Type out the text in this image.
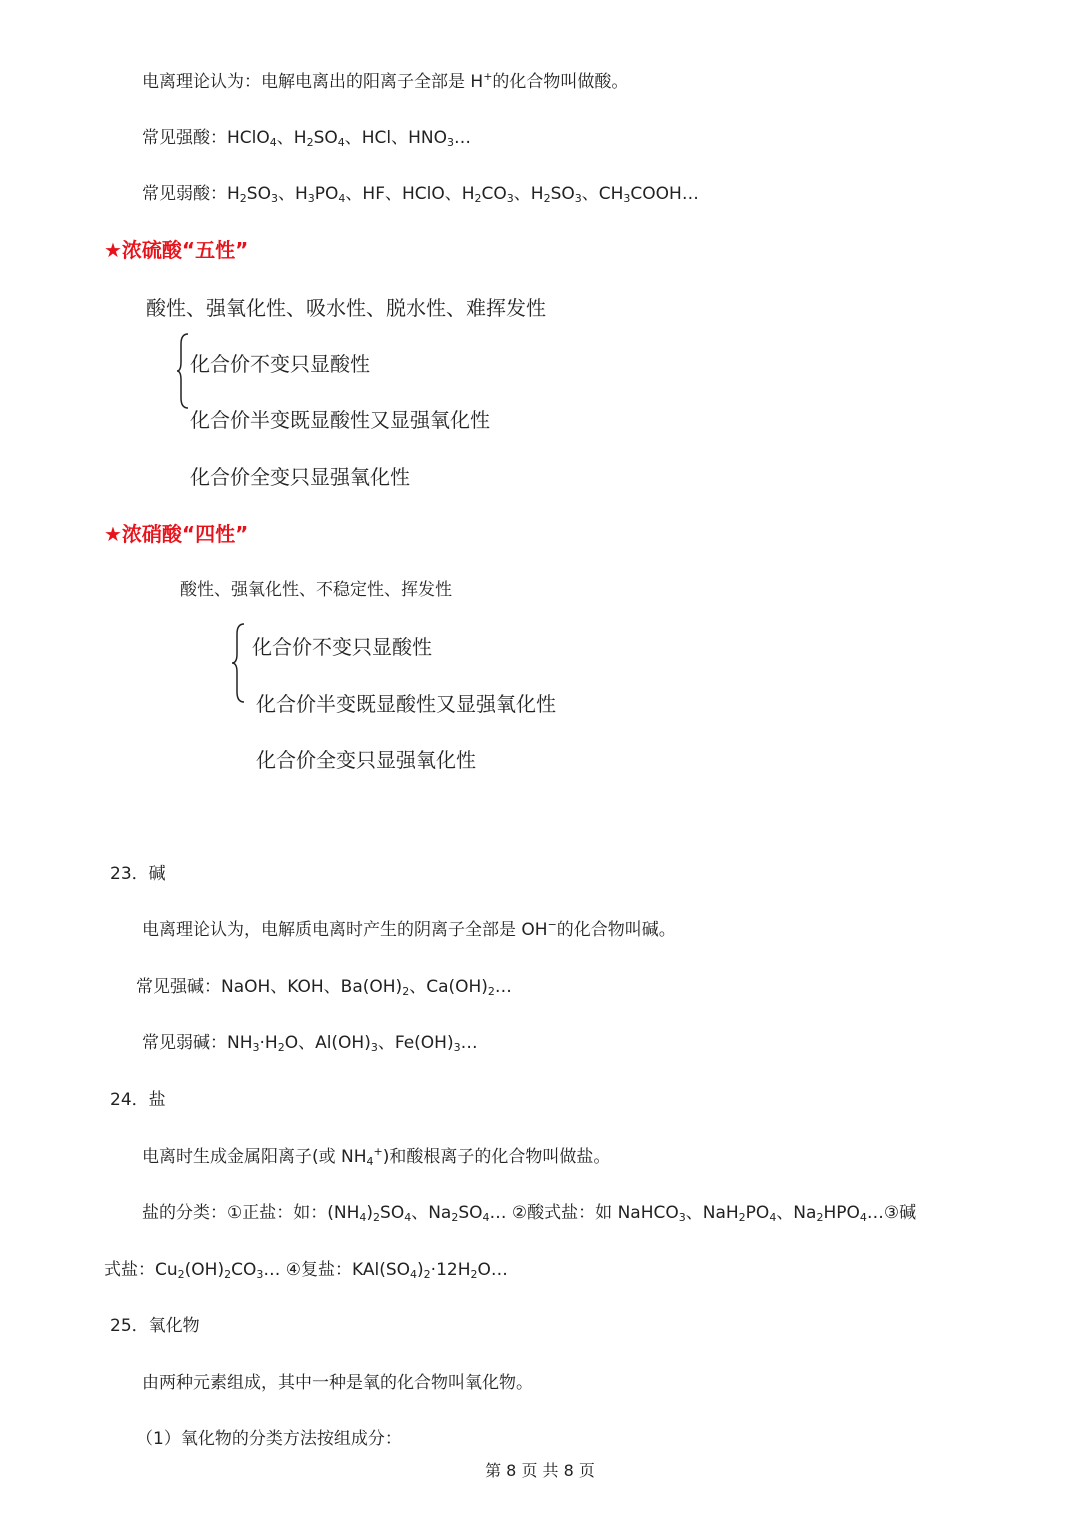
电离理论认为：电解电离出的阳离子全部是 H+的化合物叫做酸。
常见强酸：HClO$_4$、$H_2SO_4$、HCl、$HNO_3\dots$
常见弱酸：$H_2SO_3$、$H_3PO_4$、HF、HClO、$H_2CO_3$、$H_2SO_3$、$CH_3COOH\dots$
★浓硫酸“五性”
酸性、强氧化性、吸水性、脱水性、难挥发性
化合价不变只显酸性
化合价半变既显酸性又显强氧化性
化合价全变只显强氧化性
★浓硝酸“四性”
酸性、强氧化性、不稳定性、挥发性
化合价不变只显酸性
化合价半变既显酸性又显强氧化性
化合价全变只显强氧化性
23．碱
电离理论认为，电解质电离时产生的阴离子全部是 OH−的化合物叫碱。
常见强碱：NaOH、KOH、$Ba(OH)_2$、$Ca(OH)_2\dots$
常见弱碱：$NH_3\cdot H_2O$、$Al(OH)_3$、$Fe(OH)_3\dots$
24．盐
电离时生成金属阳离子(或 $NH_4^+$)和酸根离子的化合物叫做盐。
盐的分类：①正盐：如：$(NH_4)_2SO_4$、$Na_2SO_4\dots$ ②酸式盐：如 NaHCO$_3$、$NaH_2PO_4$、$Na_2HPO_4\dots ③$碱
式盐：$Cu_2(OH)_2CO_3\dots$ ④复盐：$KAl(SO_4)_2\cdot 12H_2O\dots$
25．氧化物
由两种元素组成，其中一种是氧的化合物叫氧化物。
（1）氧化物的分类方法按组成分：
第 8 页 共 8 页
